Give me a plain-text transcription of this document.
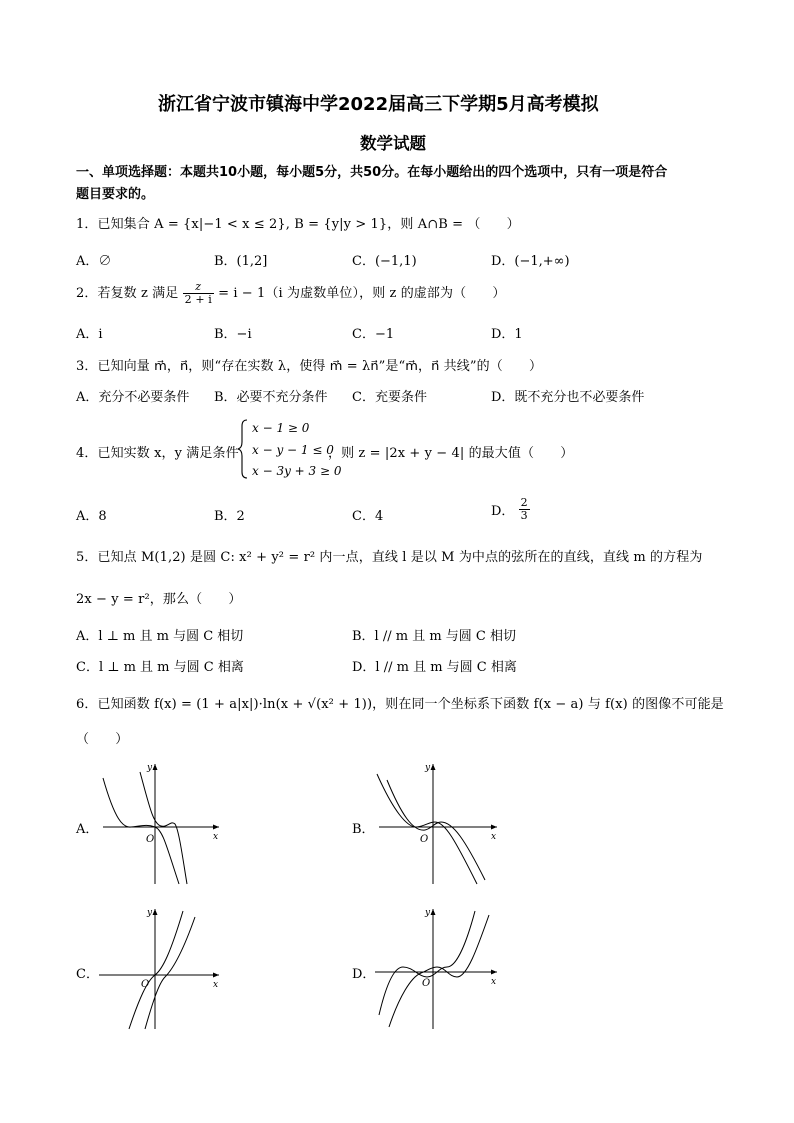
浙江省宁波市镇海中学2022届高三下学期5月高考模拟
数学试题
一、单项选择题：本题共10小题，每小题5分，共50分。在每小题给出的四个选项中，只有一项是符合
题目要求的。
1．已知集合 A = {x|−1 < x ≤ 2}, B = {y|y > 1}，则 A∩B = （　　）
A．∅	B．(1,2]	C．(−1,1)	D．(−1,+∞)
2．若复数 z 满足 $\frac{z}{2 + i} = i - 1(i$ 为虚数单位），则 z 的虚部为（　　）
A．i	B．−i	C．−1	D．1
3．已知向量 m⃗，n⃗，则“存在实数 λ，使得 m⃗ = λn⃗”是“m⃗，n⃗ 共线”的（　　）
A．充分不必要条件 B．必要不充分条件 C．充要条件	D．既不充分也不必要条件
4．已知实数 x，y 满足条件
x − 1 ≥ 0
x − y − 1 ≤ 0
x − 3y + 3 ≥ 0
，则 z = |2x + y − 4| 的最大值（　　）
A．8	B．2	C．4	D． $\frac{2}{3}$
5．已知点 M(1,2) 是圆 C: x² + y² = r² 内一点，直线 l 是以 M 为中点的弦所在的直线，直线 m 的方程为
2x − y = r²，那么（　　）
A．l ⊥ m 且 m 与圆 C 相切	B．l // m 且 m 与圆 C 相切
C．l ⊥ m 且 m 与圆 C 相离	D．l // m 且 m 与圆 C 相离
6．已知函数 f(x) = (1 + a|x|)·ln(x + √(x² + 1))，则在同一个坐标系下函数 f(x − a) 与 f(x) 的图像不可能是
（　　）
A．	B．
C．	D．
x
y
O	x
y
O
x
y
O	x
y
O
